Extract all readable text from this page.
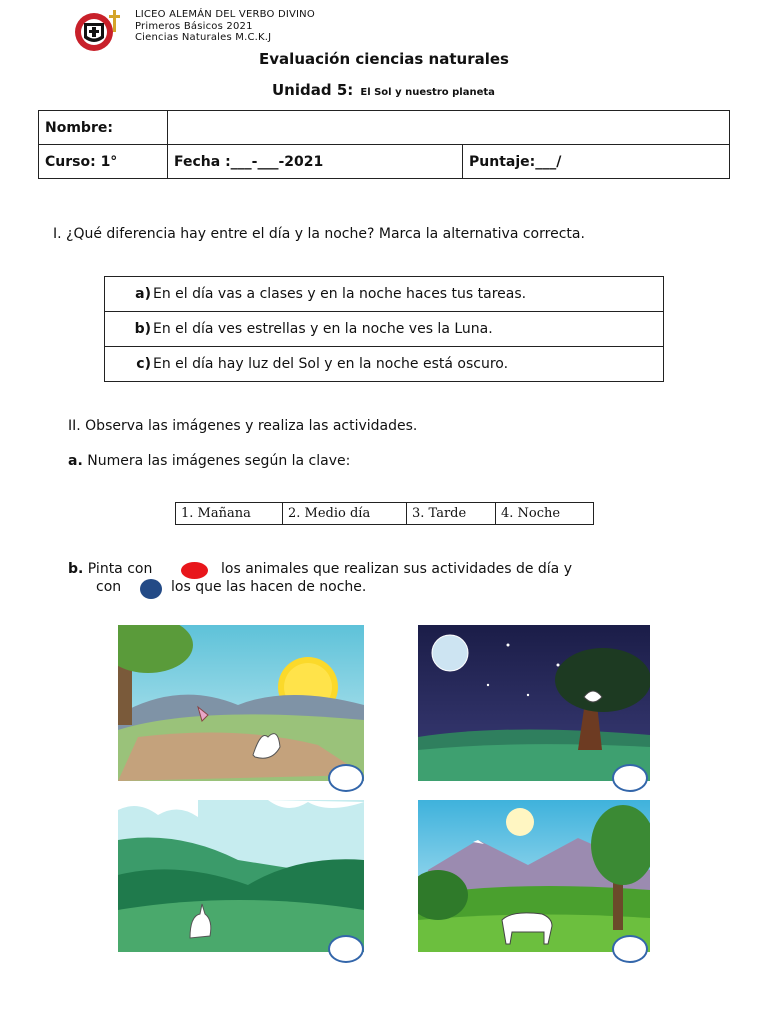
LICEO ALEMÁN DEL VERBO DIVINO
Primeros Básicos 2021
Ciencias Naturales M.C.K.J
Evaluación ciencias naturales
Unidad 5: El Sol y nuestro planeta
Nombre:		
Curso: 1°	Fecha :___-___-2021	Puntaje:___/
I. ¿Qué diferencia hay entre el día y la noche? Marca la alternativa correcta.
a) En el día vas a clases y en la noche haces tus tareas.
b) En el día ves estrellas y en la noche ves la Luna.
c) En el día hay luz del Sol y en la noche está oscuro.
II. Observa las imágenes y realiza las actividades.
a. Numera las imágenes según la clave:
1. Mañana	2. Medio día	3. Tarde	4. Noche
b. Pinta con	los animales que realizan sus actividades de día y
con	los que las hacen de noche.
